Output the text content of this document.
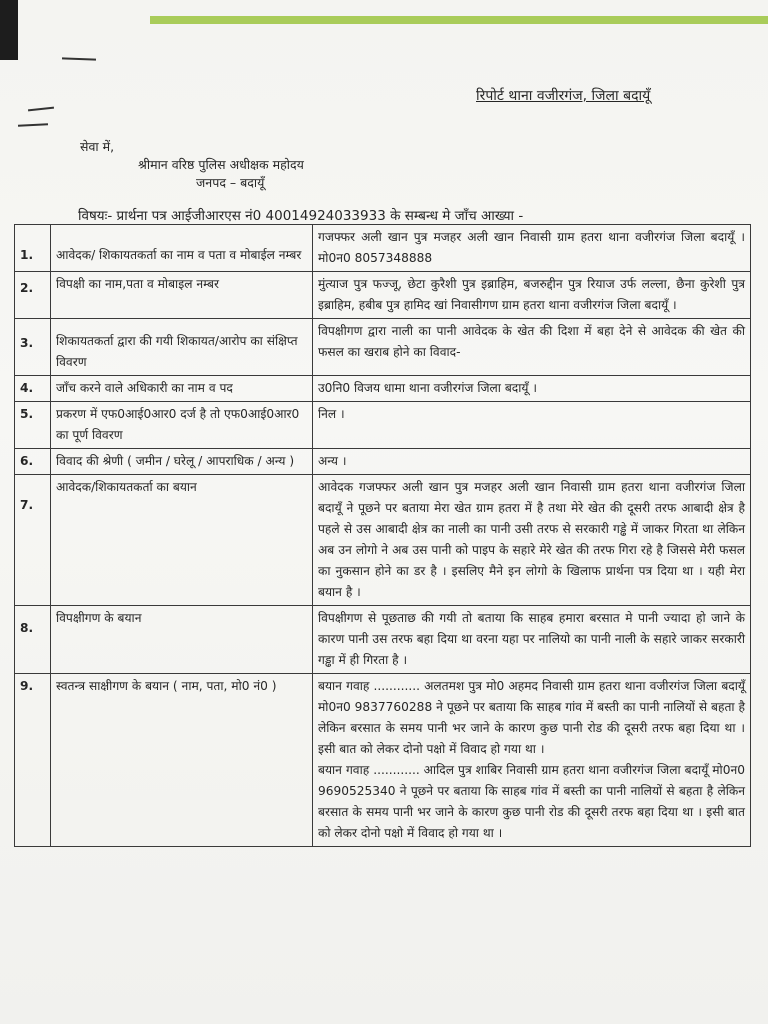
रिपोर्ट थाना वजीरगंज, जिला बदायूँ
सेवा में,
श्रीमान वरिष्ठ पुलिस अधीक्षक महोदय
जनपद – बदायूँ
विषयः- प्रार्थना पत्र आईजीआरएस नं0 40014924033933 के सम्बन्ध मे जाँच आख्या -
1.	आवेदक/ शिकायतकर्ता का नाम व पता व मोबाईल नम्बर	गजफ्फर अली खान पुत्र मजहर अली खान निवासी ग्राम हतरा थाना वजीरगंज जिला बदायूँ । मो0न0 8057348888
2.	विपक्षी का नाम,पता व मोबाइल नम्बर	मुंत्याज पुत्र फज्जू, छेटा कुरैशी पुत्र इब्राहिम, बजरुद्दीन पुत्र रियाज उर्फ लल्ला, छैना कुरेशी पुत्र इब्राहिम, हबीब पुत्र हामिद खां निवासीगण ग्राम हतरा थाना वजीरगंज जिला बदायूँ ।
3.	शिकायतकर्ता द्वारा की गयी शिकायत/आरोप का संक्षिप्त विवरण	विपक्षीगण द्वारा नाली का पानी आवेदक के खेत की दिशा में बहा देने से आवेदक की खेत की फसल का खराब होने का विवाद-
4.	जाँच करने वाले अधिकारी का नाम व पद	उ0नि0 विजय धामा थाना वजीरगंज जिला बदायूँ ।
5.	प्रकरण में एफ0आई0आर0 दर्ज है तो एफ0आई0आर0 का पूर्ण विवरण	निल ।
6.	विवाद की श्रेणी ( जमीन / घरेलू / आपराधिक / अन्य )	अन्य ।
7.	आवेदक/शिकायतकर्ता का बयान	आवेदक गजफ्फर अली खान पुत्र मजहर अली खान निवासी ग्राम हतरा थाना वजीरगंज जिला बदायूँ ने पूछने पर बताया मेरा खेत ग्राम हतरा में है तथा मेरे खेत की दूसरी तरफ आबादी क्षेत्र है पहले से उस आबादी क्षेत्र का नाली का पानी उसी तरफ से सरकारी गड्ढे में जाकर गिरता था लेकिन अब उन लोगो ने अब उस पानी को पाइप के सहारे मेरे खेत की तरफ गिरा रहे है जिससे मेरी फसल का नुकसान होने का डर है । इसलिए मैने इन लोगो के खिलाफ प्रार्थना पत्र दिया था । यही मेरा बयान है ।
8.	विपक्षीगण के बयान	विपक्षीगण से पूछताछ की गयी तो बताया कि साहब हमारा बरसात मे पानी ज्यादा हो जाने के कारण पानी उस तरफ बहा दिया था वरना यहा पर नालियो का पानी नाली के सहारे जाकर सरकारी गड्ढा में ही गिरता है ।
9.	स्वतन्त्र साक्षीगण के बयान ( नाम, पता, मो0 नं0 )	बयान गवाह ............ अलतमश पुत्र मो0 अहमद निवासी ग्राम हतरा थाना वजीरगंज जिला बदायूँ मो0न0 9837760288 ने पूछने पर बताया कि साहब गांव में बस्ती का पानी नालियों से बहता है लेकिन बरसात के समय पानी भर जाने के कारण कुछ पानी रोड की दूसरी तरफ बहा दिया था । इसी बात को लेकर दोनो पक्षो में विवाद हो गया था ।
बयान गवाह ............ आदिल पुत्र शाबिर निवासी ग्राम हतरा थाना वजीरगंज जिला बदायूँ मो0न0 9690525340 ने पूछने पर बताया कि साहब गांव में बस्ती का पानी नालियों से बहता है लेकिन बरसात के समय पानी भर जाने के कारण कुछ पानी रोड की दूसरी तरफ बहा दिया था । इसी बात को लेकर दोनो पक्षो में विवाद हो गया था ।
